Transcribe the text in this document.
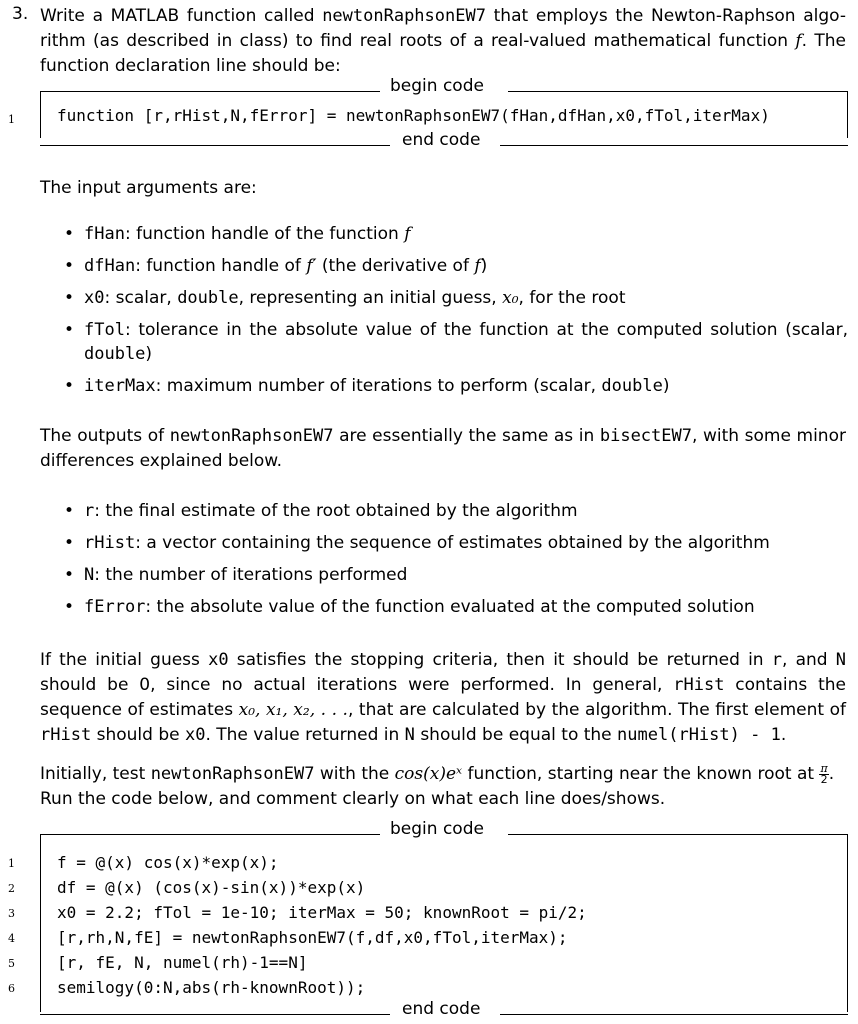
3. Write a MATLAB function called newtonRaphsonEW7 that employs the Newton-Raphson algo-rithm (as described in class) to find real roots of a real-valued mathematical function f. The function declaration line should be:
begin code
function [r,rHist,N,fError] = newtonRaphsonEW7(fHan,dfHan,x0,fTol,iterMax)
1
end code
The input arguments are:
• fHan: function handle of the function f
• dfHan: function handle of f′ (the derivative of f)
• x0: scalar, double, representing an initial guess, x₀, for the root
• fTol: tolerance in the absolute value of the function at the computed solution (scalar, double)
• iterMax: maximum number of iterations to perform (scalar, double)
The outputs of newtonRaphsonEW7 are essentially the same as in bisectEW7, with some minor differences explained below.
• r: the final estimate of the root obtained by the algorithm
• rHist: a vector containing the sequence of estimates obtained by the algorithm
• N: the number of iterations performed
• fError: the absolute value of the function evaluated at the computed solution
If the initial guess x0 satisfies the stopping criteria, then it should be returned in r, and N should be 0, since no actual iterations were performed. In general, rHist contains the sequence of estimates x₀, x₁, x₂, . . ., that are calculated by the algorithm. The first element of rHist should be x0. The value returned in N should be equal to the numel(rHist) - 1.
Initially, test newtonRaphsonEW7 with the cos(x)eˣ function, starting near the known root at $\frac{\pi}{2}$ .
Run the code below, and comment clearly on what each line does/shows.
begin code
f = @(x) cos(x)*exp(x);
df = @(x) (cos(x)-sin(x))*exp(x)
x0 = 2.2; fTol = 1e-10; iterMax = 50; knownRoot = pi/2;
[r,rh,N,fE] = newtonRaphsonEW7(f,df,x0,fTol,iterMax);
[r, fE, N, numel(rh)-1==N]
semilogy(0:N,abs(rh-knownRoot));
1
2
3
4
5
6
end code
